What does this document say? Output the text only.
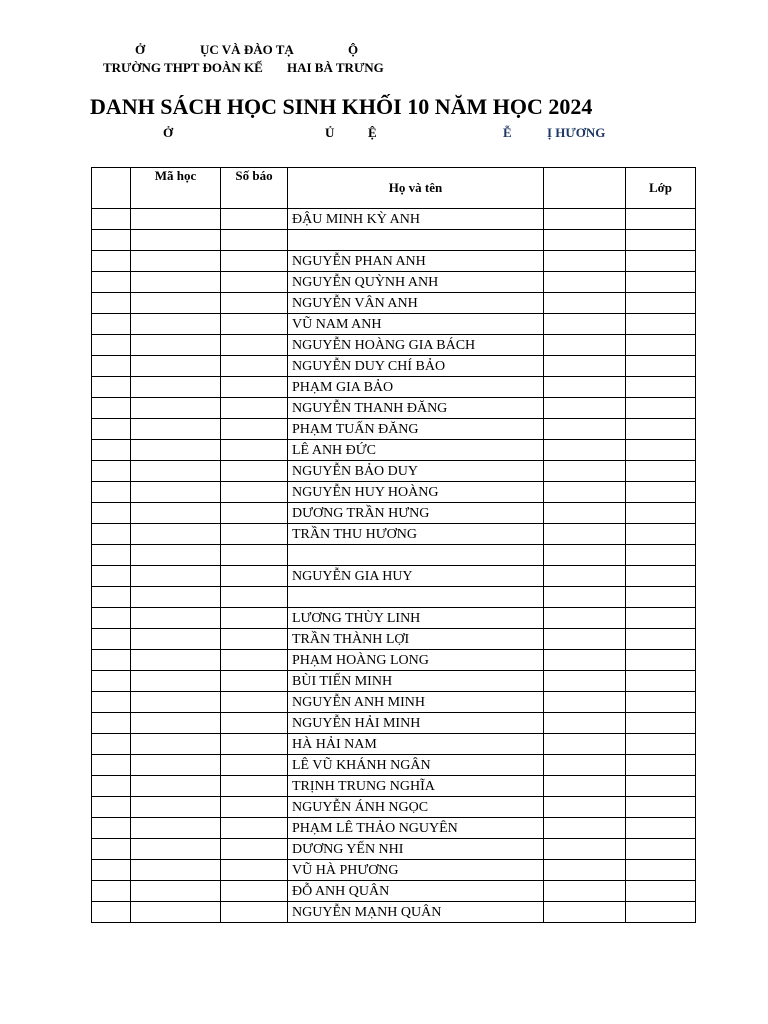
Ở	ỤC VÀ ĐÀO TẠ	Ộ
TRƯỜNG THPT ĐOÀN KẾ HAI BÀ TRƯNG
DANH SÁCH HỌC SINH KHỐI 10 NĂM HỌC 2024
Ở	Ủ	Ệ	Ễ	Ị HƯƠNG
	Mã học	Số báo	Họ và tên		Lớp
			ĐẬU MINH KỲ ANH		

			NGUYỄN PHAN ANH		
			NGUYỄN QUỲNH ANH		
			NGUYỄN VÂN ANH		
			VŨ NAM ANH		
			NGUYỄN HOÀNG GIA BÁCH		
			NGUYỄN DUY CHÍ BẢO		
			PHẠM GIA BẢO		
			NGUYỄN THANH ĐĂNG		
			PHẠM TUẤN ĐĂNG		
			LÊ ANH ĐỨC		
			NGUYỄN BẢO DUY		
			NGUYỄN HUY HOÀNG		
			DƯƠNG TRẦN HƯNG		
			TRẦN THU HƯƠNG		

			NGUYỄN GIA HUY		

			LƯƠNG THÙY LINH		
			TRẦN THÀNH LỢI		
			PHẠM HOÀNG LONG		
			BÙI TIẾN MINH		
			NGUYỄN ANH MINH		
			NGUYỄN HẢI MINH		
			HÀ HẢI NAM		
			LÊ VŨ KHÁNH NGÂN		
			TRỊNH TRUNG NGHĨA		
			NGUYỄN ÁNH NGỌC		
			PHẠM LÊ THẢO NGUYÊN		
			DƯƠNG YẾN NHI		
			VŨ HÀ PHƯƠNG		
			ĐỖ ANH QUÂN		
			NGUYỄN MẠNH QUÂN		
